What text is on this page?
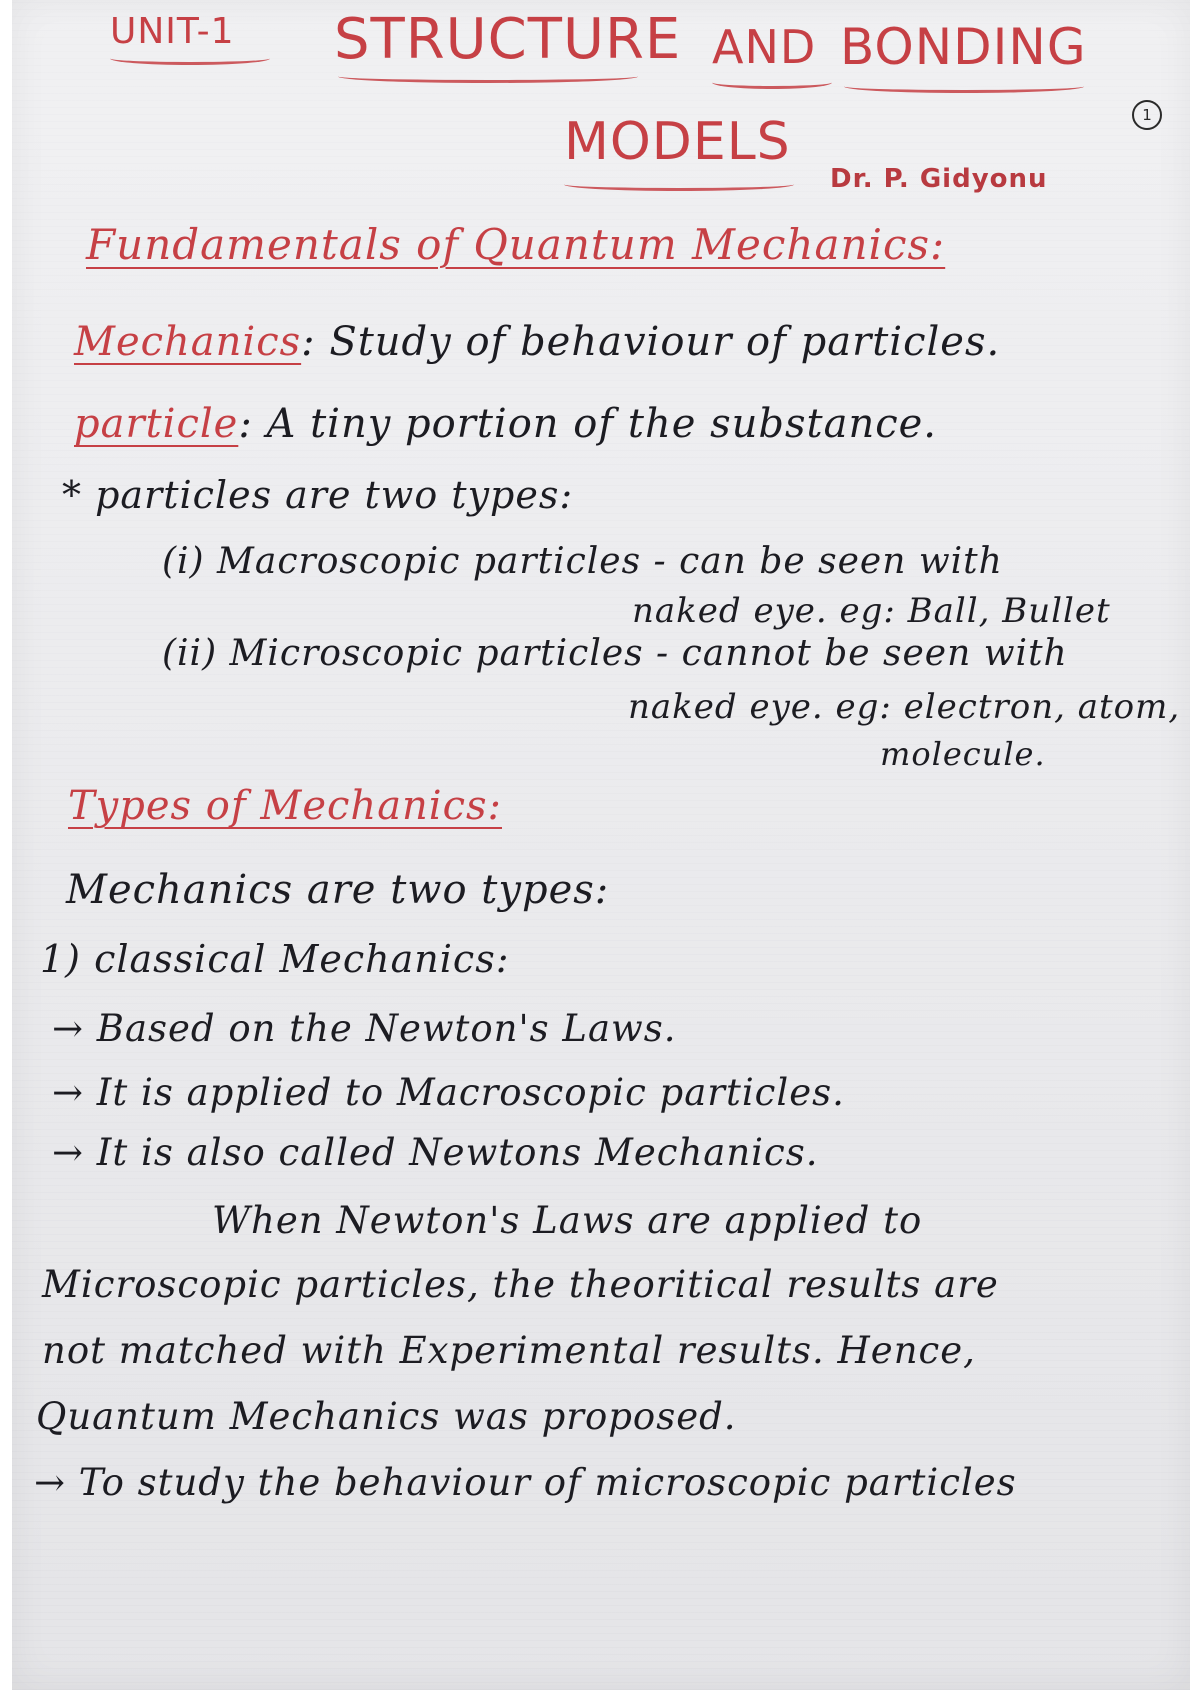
UNIT-1 STRUCTURE AND BONDING
1
MODELS
Dr. P. Gidyonu
Fundamentals of Quantum Mechanics:
Mechanics: Study of behaviour of particles.
particle: A tiny portion of the substance.
* particles are two types:
(i) Macroscopic particles - can be seen with
naked eye. eg: Ball, Bullet
(ii) Microscopic particles - cannot be seen with
naked eye. eg: electron, atom,
molecule.
Types of Mechanics:
Mechanics are two types:
1) classical Mechanics:
→ Based on the Newton's Laws.
→ It is applied to Macroscopic particles.
→ It is also called Newtons Mechanics.
When Newton's Laws are applied to
Microscopic particles, the theoritical results are
not matched with Experimental results. Hence,
Quantum Mechanics was proposed.
→ To study the behaviour of microscopic particles
